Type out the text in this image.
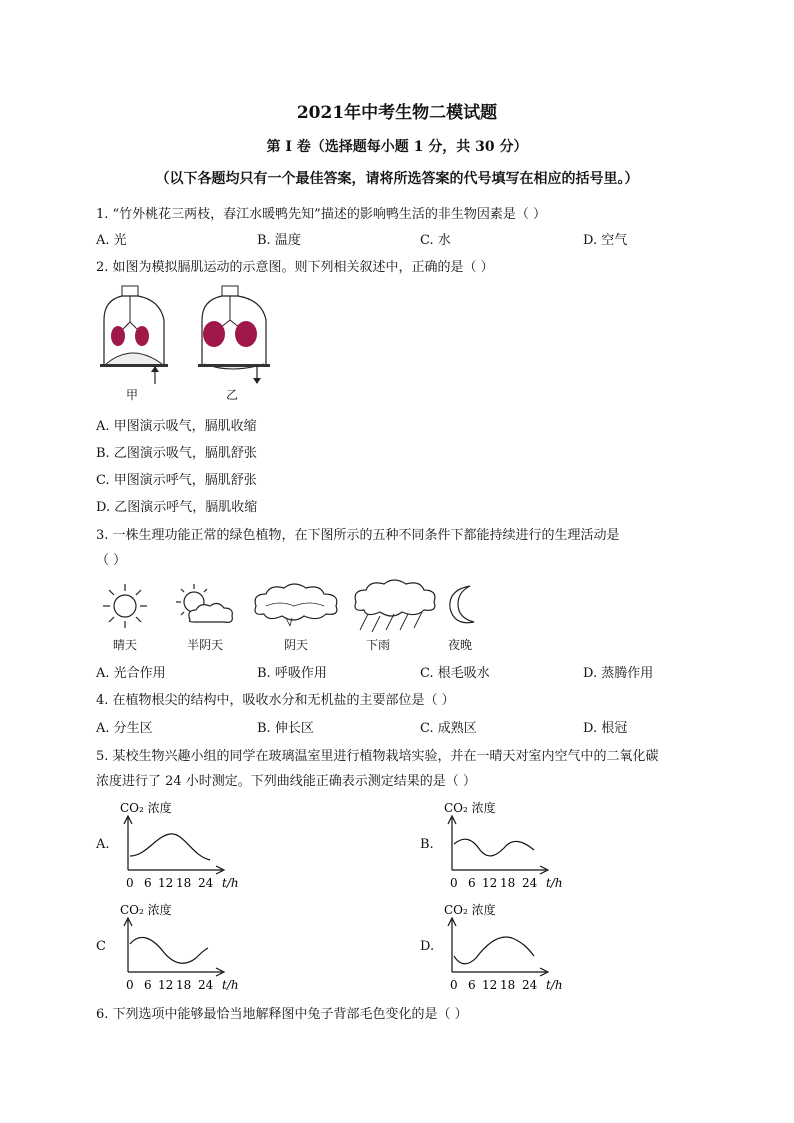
2021年中考生物二模试题
第 I 卷（选择题每小题 1 分，共 30 分）
（以下各题均只有一个最佳答案，请将所选答案的代号填写在相应的括号里。）
1. “竹外桃花三两枝，春江水暖鸭先知”描述的影响鸭生活的非生物因素是（ ）
A. 光	B. 温度	C. 水	D. 空气
2. 如图为模拟膈肌运动的示意图。则下列相关叙述中，正确的是（ ）
甲	乙
A. 甲图演示吸气，膈肌收缩
B. 乙图演示吸气，膈肌舒张
C. 甲图演示呼气，膈肌舒张
D. 乙图演示呼气，膈肌收缩
3. 一株生理功能正常的绿色植物，在下图所示的五种不同条件下都能持续进行的生理活动是
（ ）
晴天	半阴天	阴天	下雨	夜晚
A. 光合作用	B. 呼吸作用	C. 根毛吸水	D. 蒸腾作用
4. 在植物根尖的结构中，吸收水分和无机盐的主要部位是（ ）
A. 分生区	B. 伸长区	C. 成熟区	D. 根冠
5. 某校生物兴趣小组的同学在玻璃温室里进行植物栽培实验，并在一晴天对室内空气中的二氧化碳
浓度进行了 24 小时测定。下列曲线能正确表示测定结果的是（ ）
A.
CO₂ 浓度
0 6 12 18 24 t/h
B.
CO₂ 浓度
0 6 12 18 24 t/h
C
CO₂ 浓度
0 6 12 18 24 t/h
D.
CO₂ 浓度
0 6 12 18 24 t/h
6. 下列选项中能够最恰当地解释图中兔子背部毛色变化的是（ ）
